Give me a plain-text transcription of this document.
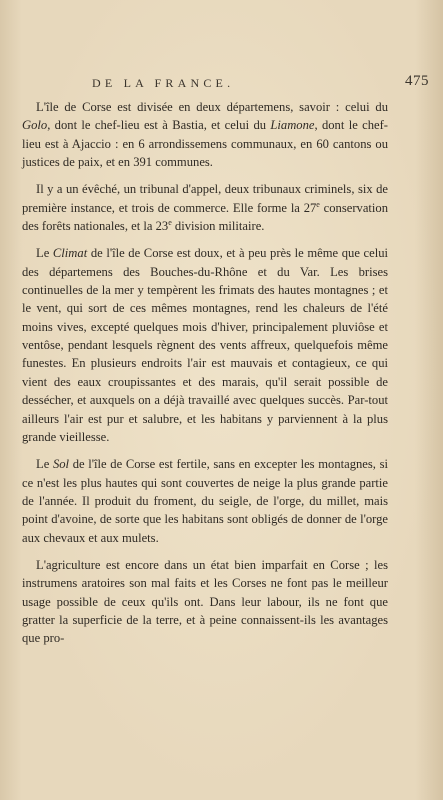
DE LA FRANCE.	475

L'île de Corse est divisée en deux départemens, savoir : celui du Golo, dont le chef-lieu est à Bastia, et celui du Liamone, dont le chef-lieu est à Ajaccio : en 6 arrondissemens communaux, en 60 cantons ou justices de paix, et en 391 communes.

Il y a un évêché, un tribunal d'appel, deux tribunaux criminels, six de première instance, et trois de commerce. Elle forme la 27e conservation des forêts nationales, et la 23e division militaire.

Le Climat de l'île de Corse est doux, et à peu près le même que celui des départemens des Bouches-du-Rhône et du Var. Les brises continuelles de la mer y tempèrent les frimats des hautes montagnes ; et le vent, qui sort de ces mêmes montagnes, rend les chaleurs de l'été moins vives, excepté quelques mois d'hiver, principalement pluviôse et ventôse, pendant lesquels règnent des vents affreux, quelquefois même funestes. En plusieurs endroits l'air est mauvais et contagieux, ce qui vient des eaux croupissantes et des marais, qu'il serait possible de dessécher, et auxquels on a déjà travaillé avec quelques succès. Par-tout ailleurs l'air est pur et salubre, et les habitans y parviennent à la plus grande vieillesse.

Le Sol de l'île de Corse est fertile, sans en excepter les montagnes, si ce n'est les plus hautes qui sont couvertes de neige la plus grande partie de l'année. Il produit du froment, du seigle, de l'orge, du millet, mais point d'avoine, de sorte que les habitans sont obligés de donner de l'orge aux chevaux et aux mulets.

L'agriculture est encore dans un état bien imparfait en Corse ; les instrumens aratoires son mal faits et les Corses ne font pas le meilleur usage possible de ceux qu'ils ont. Dans leur labour, ils ne font que gratter la superficie de la terre, et à peine connaissent-ils les avantages que pro-
